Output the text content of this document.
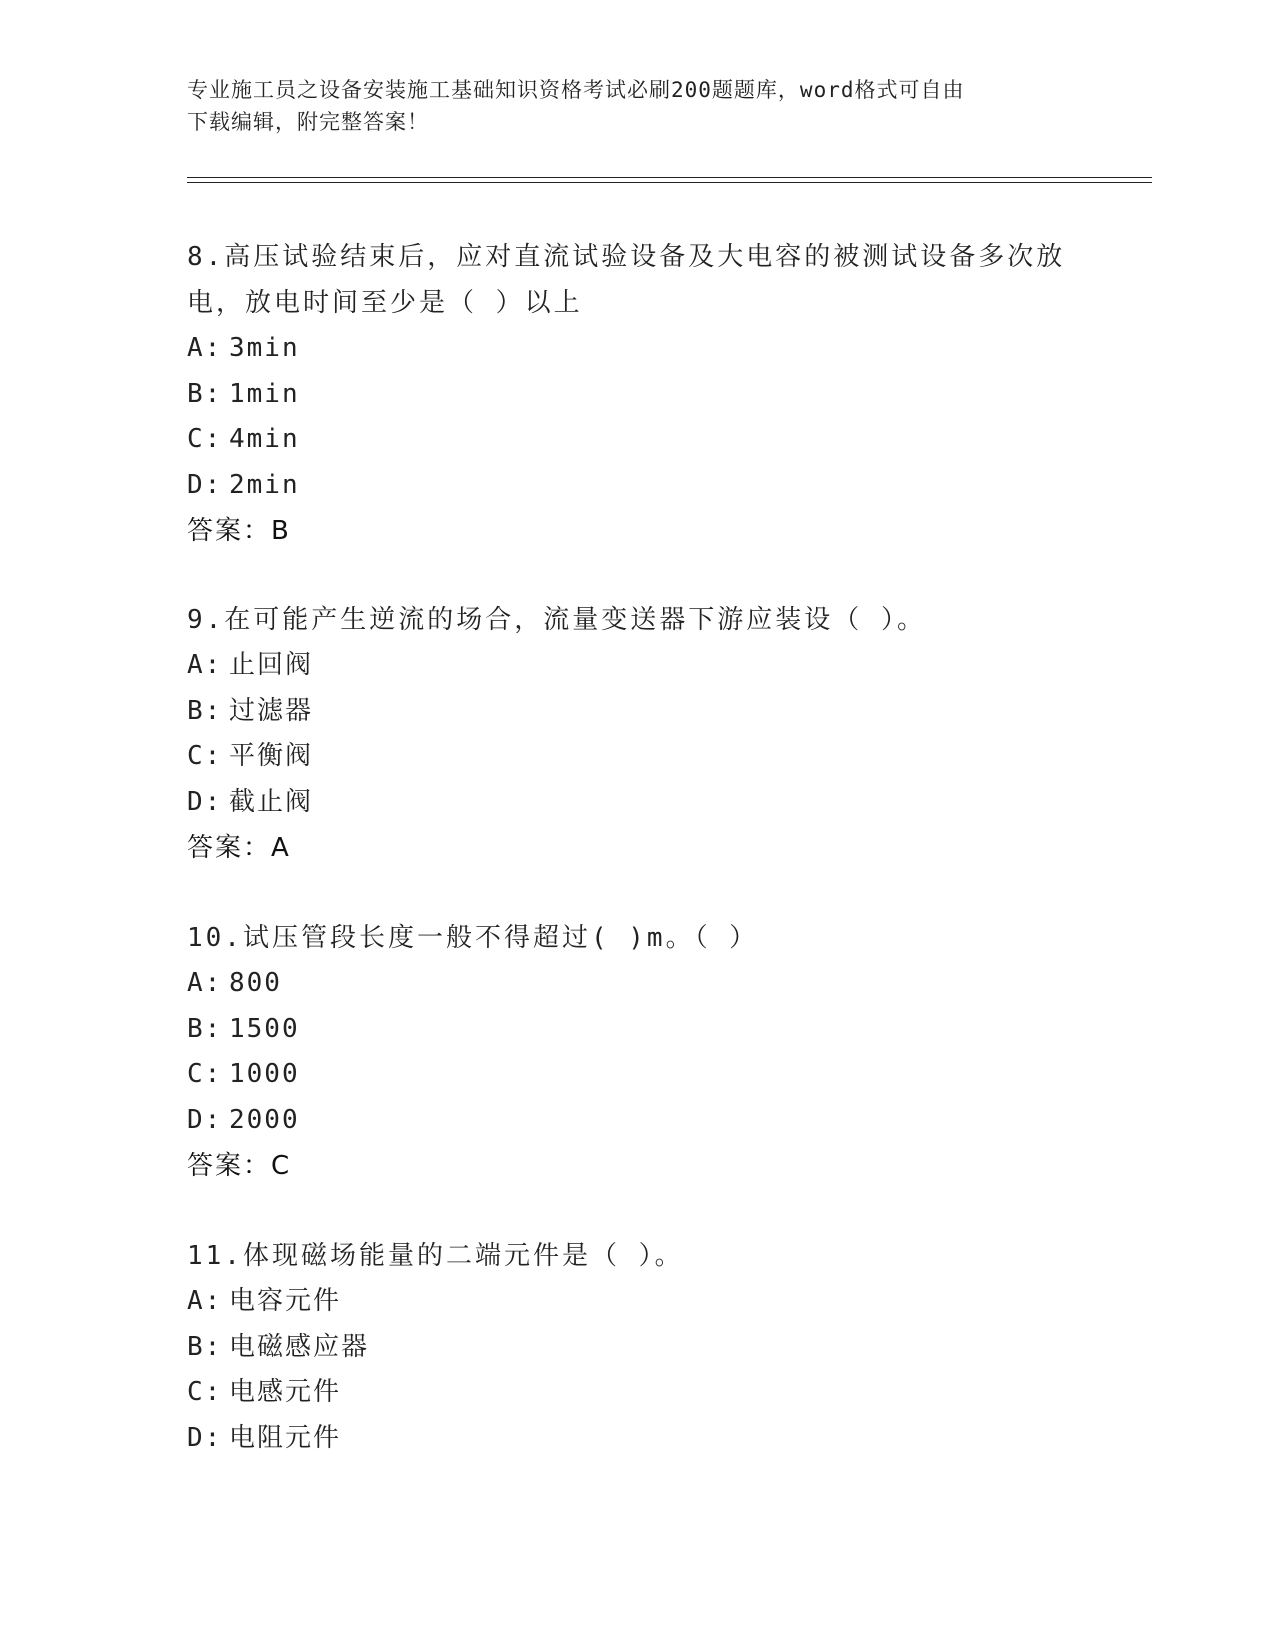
专业施工员之设备安装施工基础知识资格考试必刷200题题库，word格式可自由
下载编辑，附完整答案！

8.高压试验结束后，应对直流试验设备及大电容的被测试设备多次放电，放电时间至少是（ ）以上

A: 3min
B: 1min
C: 4min
D: 2min

答案：B

9.在可能产生逆流的场合，流量变送器下游应装设（ ）。

A: 止回阀
B: 过滤器
C: 平衡阀
D: 截止阀

答案：A

10.试压管段长度一般不得超过( )m。（ ）

A: 800
B: 1500
C: 1000
D: 2000

答案：C

11.体现磁场能量的二端元件是（ ）。

A: 电容元件
B: 电磁感应器
C: 电感元件
D: 电阻元件
